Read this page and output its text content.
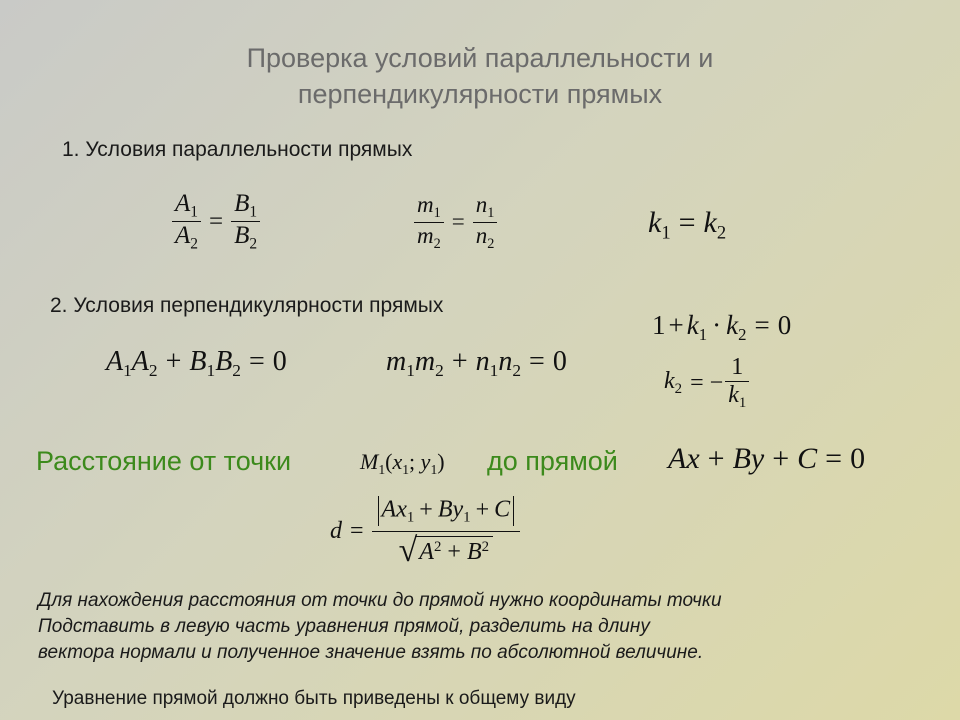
Проверка условий параллельности и
перпендикулярности прямых
1. Условия параллельности прямых
$\frac{A_1}{A_2} = \frac{B_1}{B_2}$	$\frac{m_1}{m_2} = \frac{n_1}{n_2}$	$k_1 = k_2$
2. Условия перпендикулярности прямых
$1 + k_1 \cdot k_2 = 0$
$A_1A_2 + B_1B_2 = 0$	$m_1m_2 + n_1n_2 = 0$
$k_2$ = − $\frac{1}{k_1}$
Расстояние от точки	$M_1(x_1$; $y_1$) до прямой Ax + By + C = 0
$d = \frac{Ax_1 + By_1 + C}{√ A^2 + B^2}$
Для нахождения расстояния от точки до прямой нужно координаты точки
Подставить в левую часть уравнения прямой, разделить на длину
вектора нормали и полученное значение взять по абсолютной величине.
Уравнение прямой должно быть приведены к общему виду
